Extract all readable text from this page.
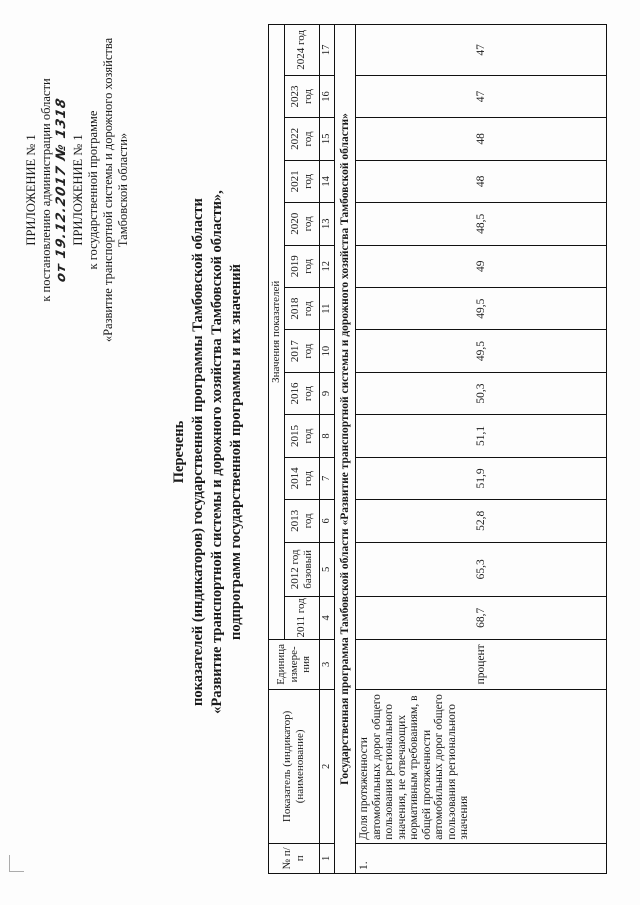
ПРИЛОЖЕНИЕ № 1 к постановлению администрации области от 19.12.2017 № 1318 ПРИЛОЖЕНИЕ № 1 к государственной программе «Развитие транспортной системы и дорожного хозяйства Тамбовской области»
Перечень показателей (индикаторов) государственной программы Тамбовской области «Развитие транспортной системы и дорожного хозяйства Тамбовской области», подпрограмм государственной программы и их значений
№ п/п	Показатель (индикатор) (наименование)	Единица измере-ния	Значения показателей													
			2011 год	2012 год базовый	2013 год	2014 год	2015 год	2016 год	2017 год	2018 год	2019 год	2020 год	2021 год	2022 год	2023 год	2024 год
1	2	3	4	5	6	7	8	9	10	11	12	13	14	15	16	17
Государственная программа Тамбовской области «Развитие транспортной системы и дорожного хозяйства Тамбовской области»																
1.	Доля протяженности автомобильных дорог общего пользования регионального значения, не отвечающих нормативным требованиям, в общей протяженности автомобильных дорог общего пользования регионального значения	процент	68,7	65,3	52,8	51,9	51,1	50,3	49,5	49,5	49	48,5	48	48	47	47
